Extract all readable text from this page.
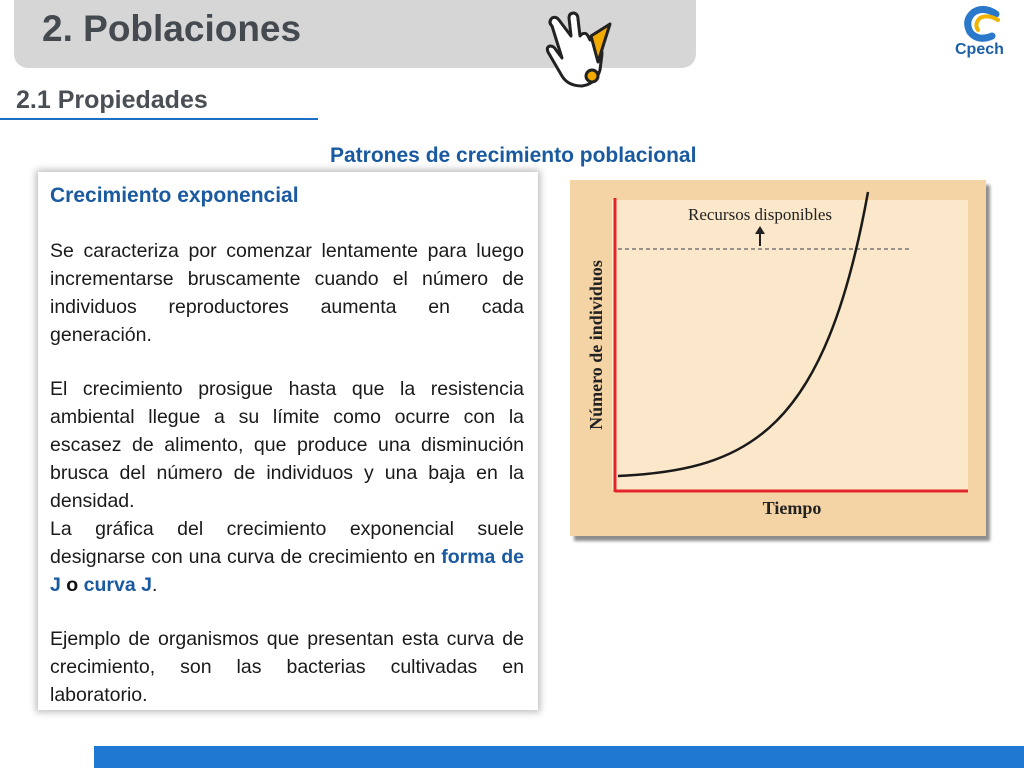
2. Poblaciones
Cpech
2.1 Propiedades
Patrones de crecimiento poblacional
Crecimiento exponencial

Se caracteriza por comenzar lentamente para luego incrementarse bruscamente cuando el número de individuos reproductores aumenta en cada generación.

El crecimiento prosigue hasta que la resistencia ambiental llegue a su límite como ocurre con la escasez de alimento, que produce una disminución brusca del número de individuos y una baja en la densidad.

La gráfica del crecimiento exponencial suele designarse con una curva de crecimiento en forma de J o curva J.

Ejemplo de organismos que presentan esta curva de crecimiento, son las bacterias cultivadas en laboratorio.

Recursos disponibles
Número de individuos
Tiempo
